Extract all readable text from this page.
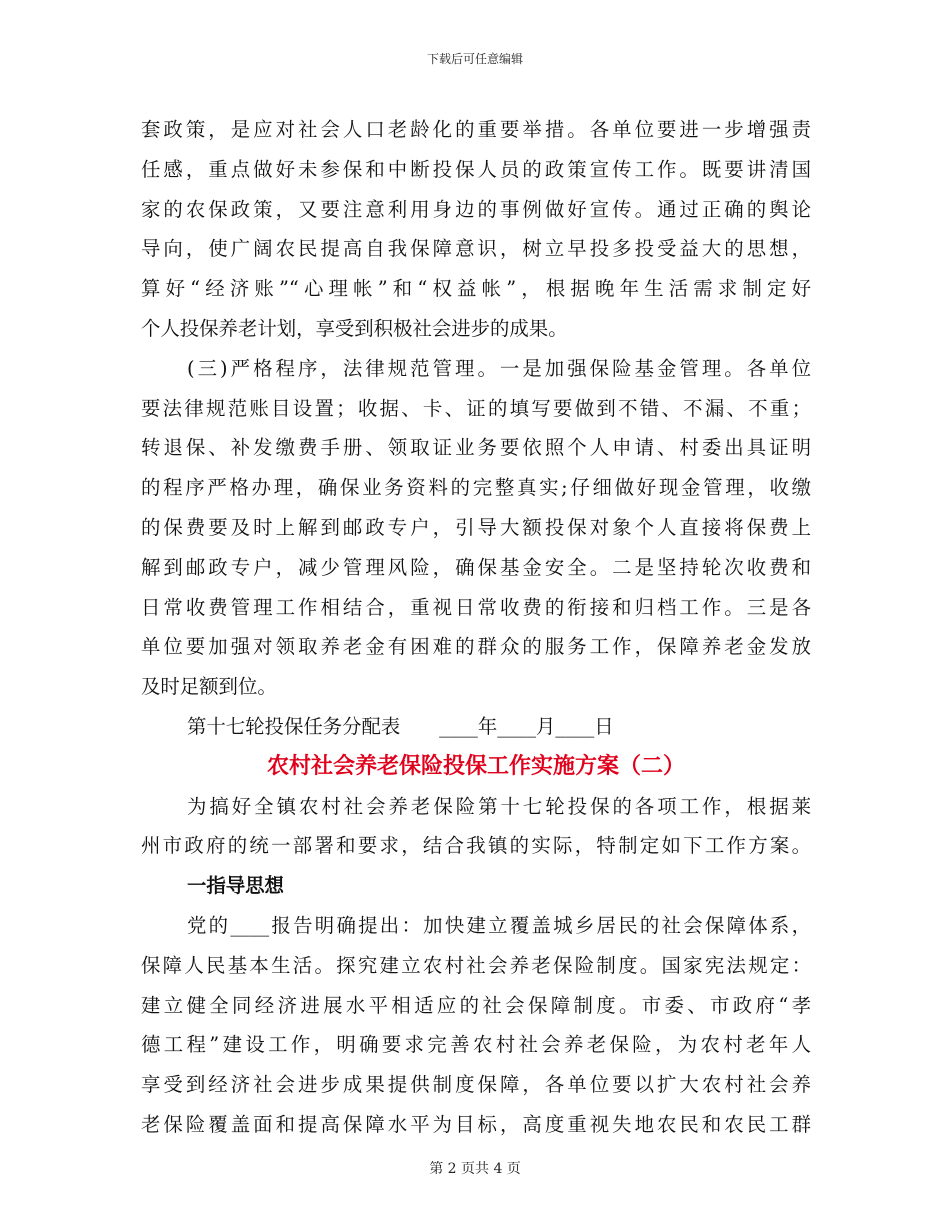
下载后可任意编辑
套政策，是应对社会人口老龄化的重要举措。各单位要进一步增强责
任感，重点做好未参保和中断投保人员的政策宣传工作。既要讲清国
家的农保政策，又要注意利用身边的事例做好宣传。通过正确的舆论
导向，使广阔农民提高自我保障意识，树立早投多投受益大的思想，
算好“经济账”“心理帐”和“权益帐”，根据晚年生活需求制定好
个人投保养老计划，享受到积极社会进步的成果。
(三)严格程序，法律规范管理。一是加强保险基金管理。各单位
要法律规范账目设置；收据、卡、证的填写要做到不错、不漏、不重；
转退保、补发缴费手册、领取证业务要依照个人申请、村委出具证明
的程序严格办理，确保业务资料的完整真实;仔细做好现金管理，收缴
的保费要及时上解到邮政专户，引导大额投保对象个人直接将保费上
解到邮政专户，减少管理风险，确保基金安全。二是坚持轮次收费和
日常收费管理工作相结合，重视日常收费的衔接和归档工作。三是各
单位要加强对领取养老金有困难的群众的服务工作，保障养老金发放
及时足额到位。
第十七轮投保任务分配表　　____年____月____日
农村社会养老保险投保工作实施方案（二）
为搞好全镇农村社会养老保险第十七轮投保的各项工作，根据莱
州市政府的统一部署和要求，结合我镇的实际，特制定如下工作方案。
一指导思想
党的____报告明确提出：加快建立覆盖城乡居民的社会保障体系，
保障人民基本生活。探究建立农村社会养老保险制度。国家宪法规定：
建立健全同经济进展水平相适应的社会保障制度。市委、市政府“孝
德工程”建设工作，明确要求完善农村社会养老保险，为农村老年人
享受到经济社会进步成果提供制度保障，各单位要以扩大农村社会养
老保险覆盖面和提高保障水平为目标，高度重视失地农民和农民工群
第 2 页共 4 页
